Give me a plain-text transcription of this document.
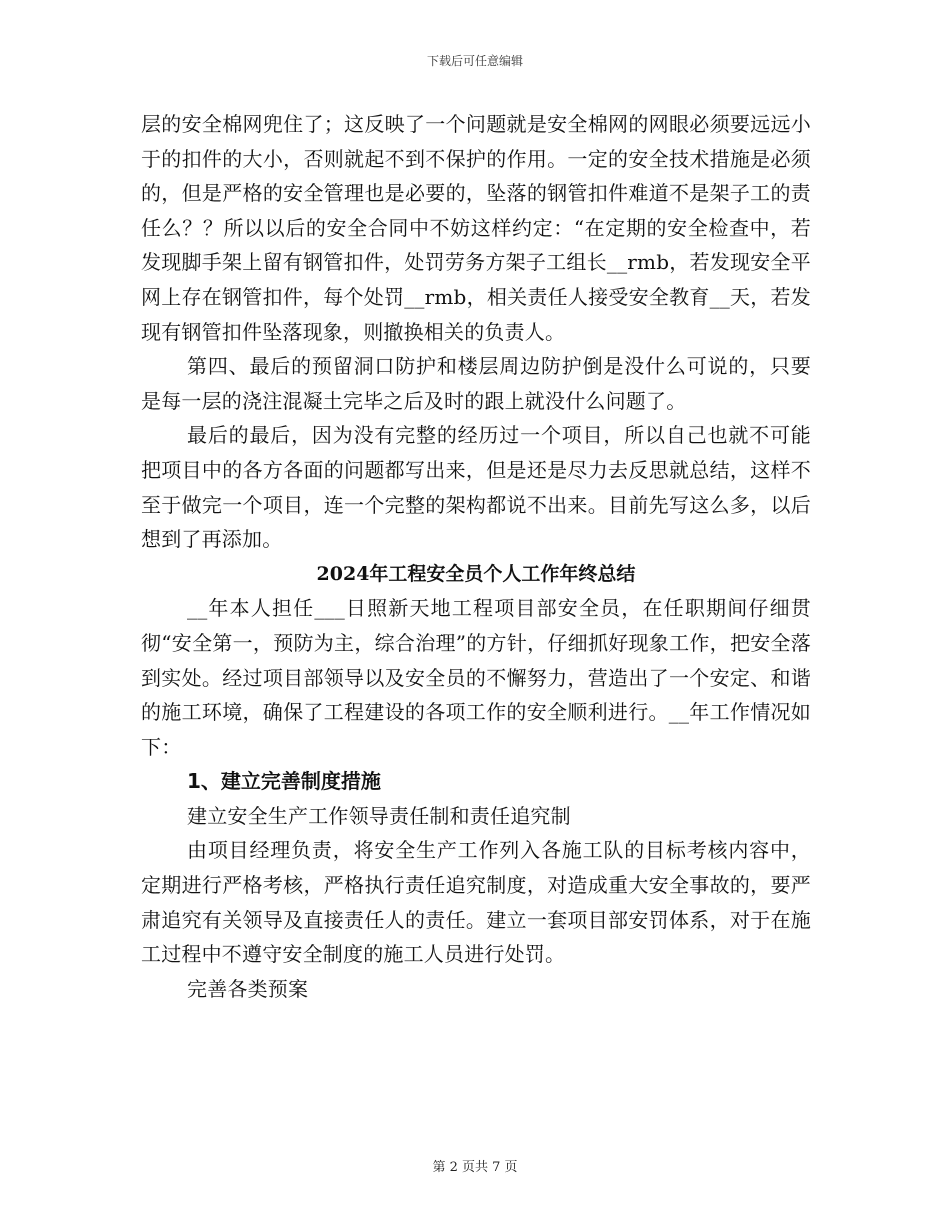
下载后可任意编辑

层的安全棉网兜住了；这反映了一个问题就是安全棉网的网眼必须要远远小于的扣件的大小，否则就起不到不保护的作用。一定的安全技术措施是必须的，但是严格的安全管理也是必要的，坠落的钢管扣件难道不是架子工的责任么？？所以以后的安全合同中不妨这样约定：“在定期的安全检查中，若发现脚手架上留有钢管扣件，处罚劳务方架子工组长__rmb，若发现安全平网上存在钢管扣件，每个处罚__rmb，相关责任人接受安全教育__天，若发现有钢管扣件坠落现象，则撤换相关的负责人。

第四、最后的预留洞口防护和楼层周边防护倒是没什么可说的，只要是每一层的浇注混凝土完毕之后及时的跟上就没什么问题了。

最后的最后，因为没有完整的经历过一个项目，所以自己也就不可能把项目中的各方各面的问题都写出来，但是还是尽力去反思就总结，这样不至于做完一个项目，连一个完整的架构都说不出来。目前先写这么多，以后想到了再添加。

2024年工程安全员个人工作年终总结

__年本人担任___日照新天地工程项目部安全员，在任职期间仔细贯彻“安全第一，预防为主，综合治理”的方针，仔细抓好现象工作，把安全落到实处。经过项目部领导以及安全员的不懈努力，营造出了一个安定、和谐的施工环境，确保了工程建设的各项工作的安全顺利进行。__年工作情况如下：

1、建立完善制度措施

建立安全生产工作领导责任制和责任追究制

由项目经理负责，将安全生产工作列入各施工队的目标考核内容中，定期进行严格考核，严格执行责任追究制度，对造成重大安全事故的，要严肃追究有关领导及直接责任人的责任。建立一套项目部安罚体系，对于在施工过程中不遵守安全制度的施工人员进行处罚。

完善各类预案

第 2 页共 7 页
